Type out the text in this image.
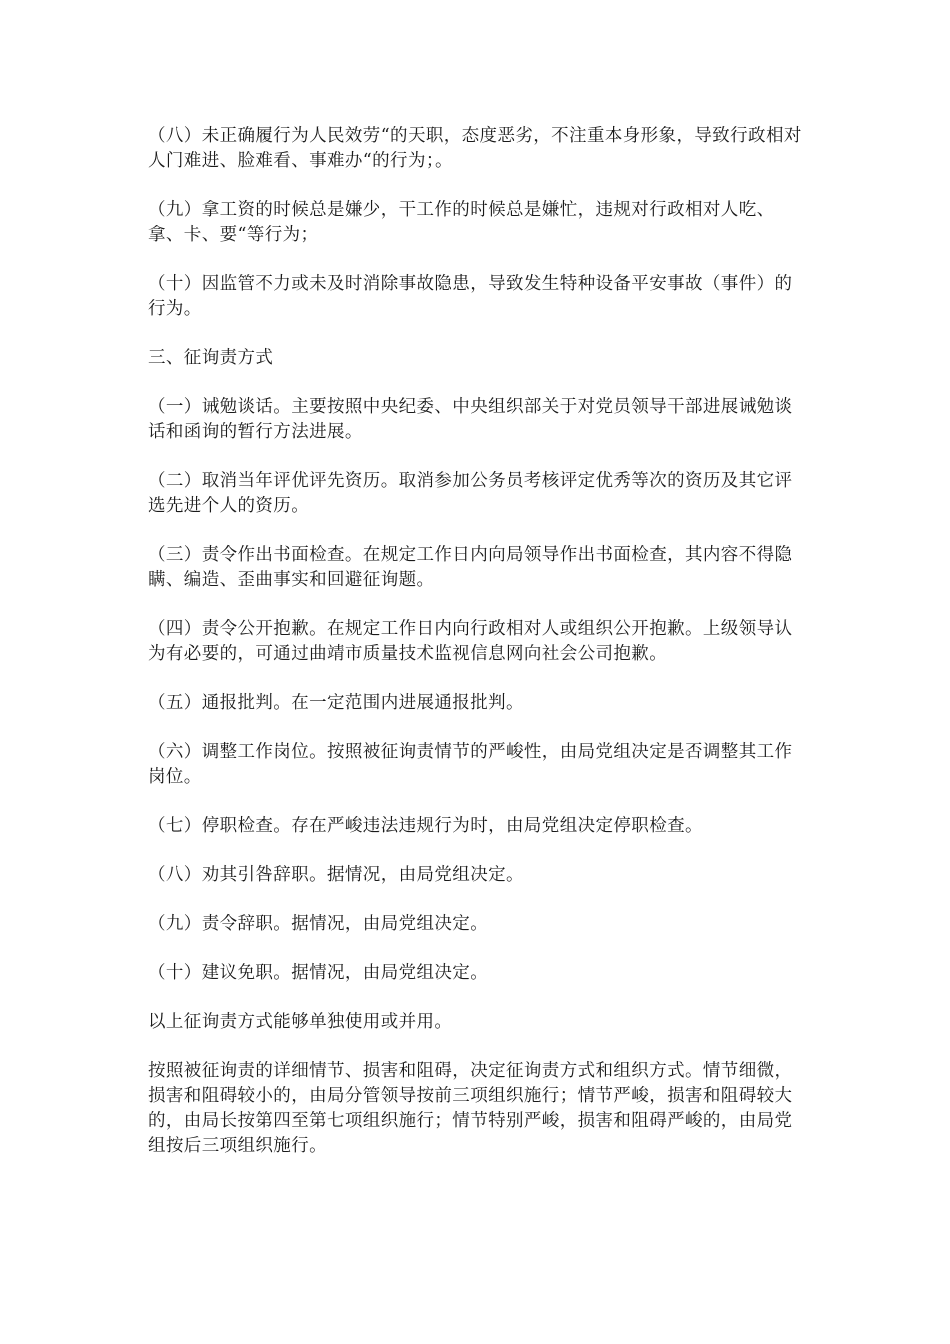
（八）未正确履行为人民效劳“的天职，态度恶劣，不注重本身形象，导致行政相对人门难进、脸难看、事难办“的行为；。

（九）拿工资的时候总是嫌少，干工作的时候总是嫌忙，违规对行政相对人吃、拿、卡、要“等行为；

（十）因监管不力或未及时消除事故隐患，导致发生特种设备平安事故（事件）的行为。

三、征询责方式

（一）诫勉谈话。主要按照中央纪委、中央组织部关于对党员领导干部进展诫勉谈话和函询的暂行方法进展。

（二）取消当年评优评先资历。取消参加公务员考核评定优秀等次的资历及其它评选先进个人的资历。

（三）责令作出书面检查。在规定工作日内向局领导作出书面检查，其内容不得隐瞒、编造、歪曲事实和回避征询题。

（四）责令公开抱歉。在规定工作日内向行政相对人或组织公开抱歉。上级领导认为有必要的，可通过曲靖市质量技术监视信息网向社会公司抱歉。

（五）通报批判。在一定范围内进展通报批判。

（六）调整工作岗位。按照被征询责情节的严峻性，由局党组决定是否调整其工作岗位。

（七）停职检查。存在严峻违法违规行为时，由局党组决定停职检查。

（八）劝其引咎辞职。据情况，由局党组决定。

（九）责令辞职。据情况，由局党组决定。

（十）建议免职。据情况，由局党组决定。

以上征询责方式能够单独使用或并用。

按照被征询责的详细情节、损害和阻碍，决定征询责方式和组织方式。情节细微，损害和阻碍较小的，由局分管领导按前三项组织施行；情节严峻，损害和阻碍较大的，由局长按第四至第七项组织施行；情节特别严峻，损害和阻碍严峻的，由局党组按后三项组织施行。
